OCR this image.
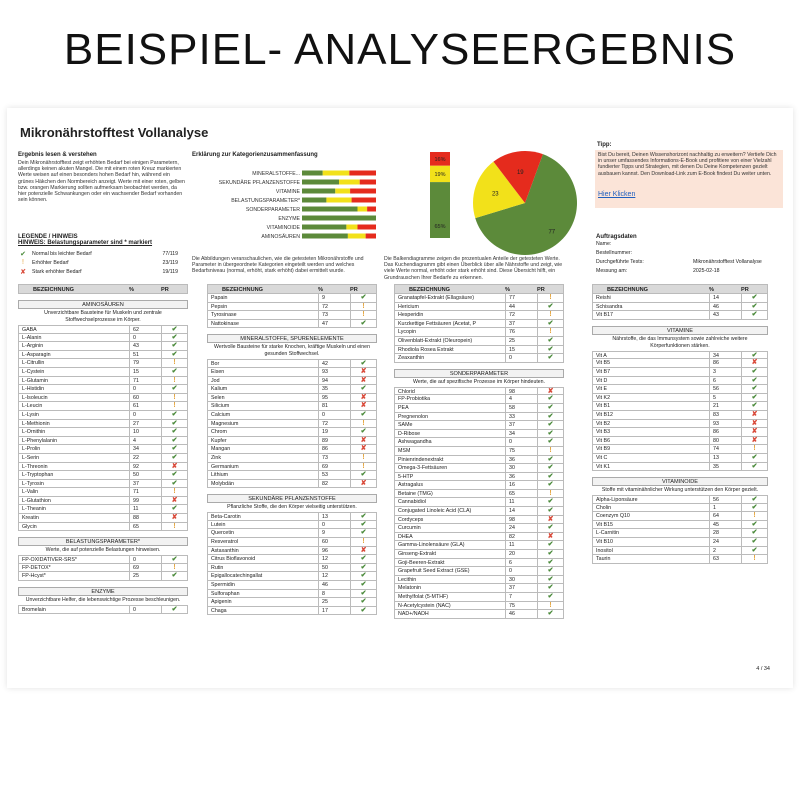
BEISPIEL- ANALYSEERGEBNIS
Mikronährstofftest Vollanalyse
Ergebnis lesen & verstehen

Dein Mikronährstofftest zeigt erhöhten Bedarf bei einigen Parametern, allerdings keinen akuten Mangel. Die mit einem roten Kreuz markierten Werte weisen auf einen besonders hohen Bedarf hin, während ein grünes Häkchen den Normbereich anzeigt. Werte mit einer roten, gelben bzw. orangen Markierung sollten aufmerksam beobachtet werden, da hier potenzielle Schwankungen oder ein wachsender Bedarf vorhanden sein können.

LEGENDE / HINWEIS
HINWEIS: Belastungsparameter sind * markiert
✔	Normal bis leichter Bedarf	77/119
!	Erhöhter Bedarf	23/119
✘	Stark erhöhter Bedarf	19/119
Erklärung zur Kategorienzusammenfassung
MINERALSTOFFE...
SEKUNDÄRE PFLANZENSTOFFE
VITAMINE
BELASTUNGSPARAMETER*
SONDERPARAMETER
ENZYME
VITAMINOIDE
AMINOSÄUREN
16%
19%
65%
77
23
19
Die Abbildungen veranschaulichen, wie die getesteten Mikronährstoffe und Parameter in übergeordnete Kategorien eingeteilt werden und welches Bedarfsniveau (normal, erhöht, stark erhöht) dabei ermittelt wurde.
Die Balkendiagramme zeigen die prozentualen Anteile der getesteten Werte. Das Kuchendiagramm gibt einen Überblick über alle Nährstoffe und zeigt, wie viele Werte normal, erhöht oder stark erhöht sind. Diese Übersicht hilft, ein Grundrauschen Ihrer Bedarfe zu erkennen.
Tipp:
Bist Du bereit, Deinen Wissenshorizont nachhaltig zu erweitern? Vertiefe Dich in unser umfassendes Informations-E-Book und profitiere von einer Vielzahl fundierter Tipps und Strategien, mit denen Du Deine Kompetenzen gezielt ausbauen kannst. Den Download-Link zum E-Book findest Du weiter unten.
Hier Klicken
Auftragsdaten
Name:
Bestellnummer:
Durchgeführte Tests:	Mikronährstofftest Vollanalyse
Messung am:	2025-02-18
BEZEICHNUNG	%	PR
AMINOSÄUREN
Unverzichtbare Bausteine für Muskeln und zentrale Stoffwechselprozesse im Körper.
GABA	62	✔
L-Alanin	0	✔
L-Arginin	43	✔
L-Asparagin	51	✔
L-Citrullin	79	!
L-Cystein	15	✔
L-Glutamin	71	!
L-Histidin	0	✔
L-Isoleucin	60	!
L-Leucin	61	!
L-Lysin	0	✔
L-Methionin	27	✔
L-Ornithin	10	✔
L-Phenylalanin	4	✔
L-Prolin	34	✔
L-Serin	22	✔
L-Threonin	92	✘
L-Tryptophan	50	✔
L-Tyrosin	37	✔
L-Valin	71	!
L-Glutathion	99	✘
L-Theanin	11	✔
Kreatin	88	✘
Glycin	65	!
BELASTUNGSPARAMETER*
Werte, die auf potenzielle Belastungen hinweisen.
FP-OXIDATIVER-SRS*	0	✔
FP-DETOX*	69	!
FP-Hcyst*	25	✔
ENZYME
Unverzichtbare Helfer, die lebenswichtige Prozesse beschleunigen.
Bromelain	0	✔
BEZEICHNUNG	%	PR
Papain	9	✔
Pepsin	72	!
Tyrosinase	73	!
Nattokinase	47	✔
MINERALSTOFFE, SPURENELEMENTE
Wertvolle Bausteine für starke Knochen, kräftige Muskeln und einen gesunden Stoffwechsel.
Bor	42	✔
Eisen	93	✘
Jod	94	✘
Kalium	35	✔
Selen	95	✘
Silicium	81	✘
Calcium	0	✔
Magnesium	72	!
Chrom	19	✔
Kupfer	89	✘
Mangan	86	✘
Zink	73	!
Germanium	69	!
Lithium	53	✔
Molybdän	82	✘
SEKUNDÄRE PFLANZENSTOFFE
Pflanzliche Stoffe, die den Körper vielseitig unterstützen.
Beta-Carotin	13	✔
Lutein	0	✔
Quercetin	9	✔
Resveratrol	60	!
Astaxanthin	96	✘
Citrus Bioflavonoid	12	✔
Rutin	50	✔
Epigallocatechingallat	12	✔
Spermidin	46	✔
Sulforaphan	8	✔
Apigenin	25	✔
Chaga	17	✔
BEZEICHNUNG	%	PR
Granatapfel-Extrakt (Ellagsäure)	77	!
Hericium	44	✔
Hesperidin	72	!
Kurzkettige Fettsäuren (Acetat, P	37	✔
Lycopin	76	!
Olivenblatt-Extrakt (Oleuropein)	25	✔
Rhodiola Rosea Extrakt	15	✔
Zeaxanthin	0	✔
SONDERPARAMETER
Werte, die auf spezifische Prozesse im Körper hindeuten.
Chlorid	98	✘
FP-Probiotika	4	✔
PEA	58	✔
Pregnenolon	33	✔
SAMe	37	✔
D-Ribose	34	✔
Ashwagandha	0	✔
MSM	75	!
Pinienrindenextrakt	36	✔
Omega-3-Fettsäuren	30	✔
5-HTP	36	✔
Astragalus	16	✔
Betaine (TMG)	65	!
Cannabidiol	11	✔
Conjugated Linoleic Acid (CLA)	14	✔
Cordyceps	98	✘
Curcumin	24	✔
DHEA	82	✘
Gamma-Linolensäure (GLA)	11	✔
Ginseng-Extrakt	20	✔
Goji-Beeren-Extrakt	6	✔
Grapefruit Seed Extract (GSE)	0	✔
Lecithin	30	✔
Melatonin	37	✔
Methylfolat (5-MTHF)	7	✔
N-Acetylcystein (NAC)	75	!
NAD+/NADH	46	✔
BEZEICHNUNG	%	PR
Reishi	14	✔
Schisandra	46	✔
Vit B17	43	✔
VITAMINE
Nährstoffe, die das Immunsystem sowie zahlreiche weitere Körperfunktionen stärken.
Vit A	34	✔
Vit B5	86	✘
Vit B7	3	✔
Vit D	6	✔
Vit E	56	✔
Vit K2	5	✔
Vit B1	21	✔
Vit B12	83	✘
Vit B2	93	✘
Vit B3	86	✘
Vit B6	80	✘
Vit B9	74	!
Vit C	13	✔
Vit K1	35	✔
VITAMINOIDE
Stoffe mit vitaminähnlicher Wirkung unterstützen den Körper gezielt.
Alpha-Liponsäure	56	✔
Cholin	1	✔
Coenzym Q10	64	!
Vit B15	45	✔
L-Carnitin	28	✔
Vit B10	24	✔
Inositol	2	✔
Taurin	63	!
4 / 34
